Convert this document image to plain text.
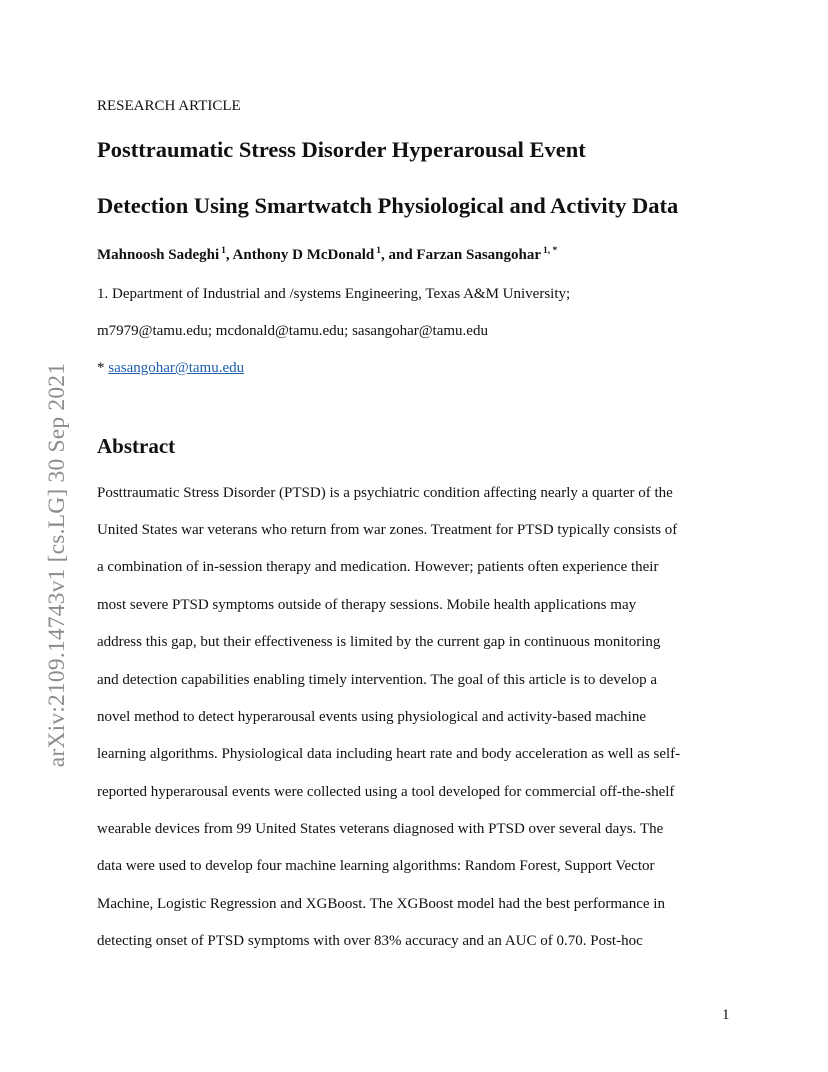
arXiv:2109.14743v1 [cs.LG] 30 Sep 2021
RESEARCH ARTICLE
Posttraumatic Stress Disorder Hyperarousal Event
Detection Using Smartwatch Physiological and Activity Data
Mahnoosh Sadeghi $^1$, Anthony D McDonald $^1$, and Farzan Sasangohar $^{1, *}$
1. Department of Industrial and /systems Engineering, Texas A&M University;
m7979@tamu.edu; mcdonald@tamu.edu; sasangohar@tamu.edu
* sasangohar@tamu.edu
Abstract
Posttraumatic Stress Disorder (PTSD) is a psychiatric condition affecting nearly a quarter of the
United States war veterans who return from war zones. Treatment for PTSD typically consists of
a combination of in-session therapy and medication. However; patients often experience their
most severe PTSD symptoms outside of therapy sessions. Mobile health applications may
address this gap, but their effectiveness is limited by the current gap in continuous monitoring
and detection capabilities enabling timely intervention. The goal of this article is to develop a
novel method to detect hyperarousal events using physiological and activity-based machine
learning algorithms. Physiological data including heart rate and body acceleration as well as self-
reported hyperarousal events were collected using a tool developed for commercial off-the-shelf
wearable devices from 99 United States veterans diagnosed with PTSD over several days. The
data were used to develop four machine learning algorithms: Random Forest, Support Vector
Machine, Logistic Regression and XGBoost. The XGBoost model had the best performance in
detecting onset of PTSD symptoms with over 83% accuracy and an AUC of 0.70. Post-hoc
1
